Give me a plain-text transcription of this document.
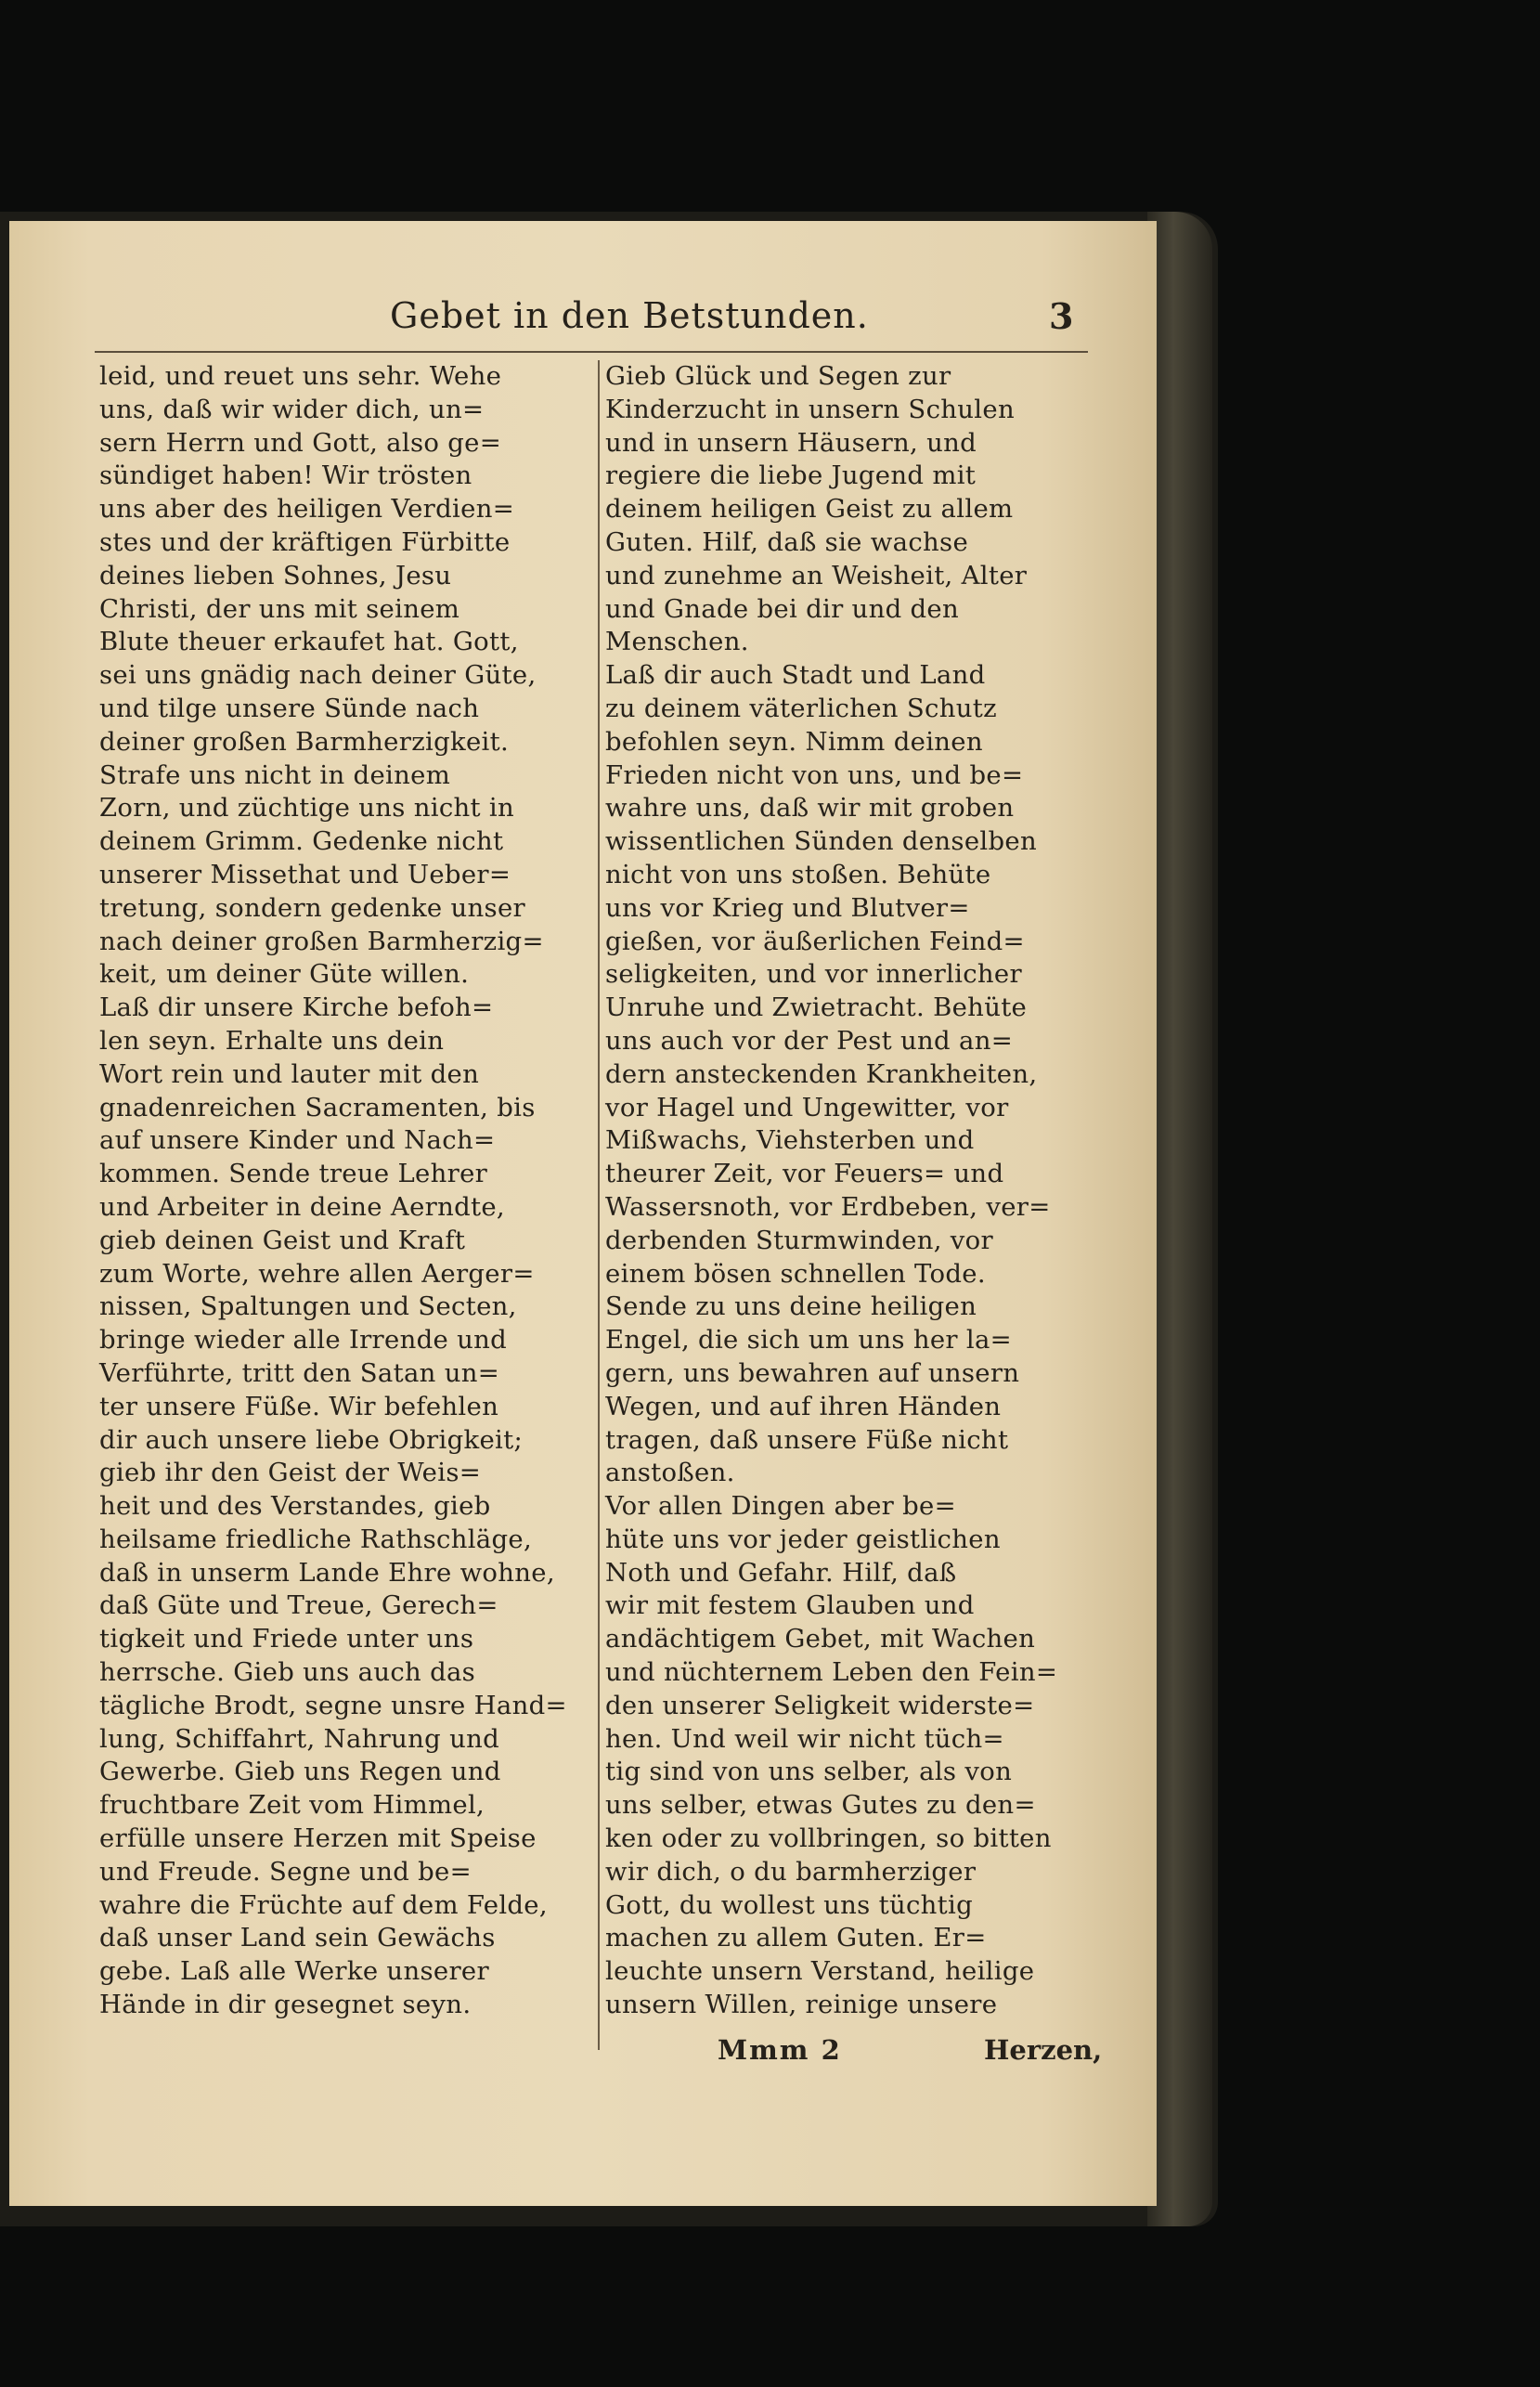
Gebet in den Betstunden.	3
leid, und reuet uns sehr. Wehe
uns, daß wir wider dich, un=
sern Herrn und Gott, also ge=
sündiget haben! Wir trösten
uns aber des heiligen Verdien=
stes und der kräftigen Fürbitte
deines lieben Sohnes, Jesu
Christi, der uns mit seinem
Blute theuer erkaufet hat. Gott,
sei uns gnädig nach deiner Güte,
und tilge unsere Sünde nach
deiner großen Barmherzigkeit.
Strafe uns nicht in deinem
Zorn, und züchtige uns nicht in
deinem Grimm. Gedenke nicht
unserer Missethat und Ueber=
tretung, sondern gedenke unser
nach deiner großen Barmherzig=
keit, um deiner Güte willen.
Laß dir unsere Kirche befoh=
len seyn. Erhalte uns dein
Wort rein und lauter mit den
gnadenreichen Sacramenten, bis
auf unsere Kinder und Nach=
kommen. Sende treue Lehrer
und Arbeiter in deine Aerndte,
gieb deinen Geist und Kraft
zum Worte, wehre allen Aerger=
nissen, Spaltungen und Secten,
bringe wieder alle Irrende und
Verführte, tritt den Satan un=
ter unsere Füße. Wir befehlen
dir auch unsere liebe Obrigkeit;
gieb ihr den Geist der Weis=
heit und des Verstandes, gieb
heilsame friedliche Rathschläge,
daß in unserm Lande Ehre wohne,
daß Güte und Treue, Gerech=
tigkeit und Friede unter uns
herrsche. Gieb uns auch das
tägliche Brodt, segne unsre Hand=
lung, Schiffahrt, Nahrung und
Gewerbe. Gieb uns Regen und
fruchtbare Zeit vom Himmel,
erfülle unsere Herzen mit Speise
und Freude. Segne und be=
wahre die Früchte auf dem Felde,
daß unser Land sein Gewächs
gebe. Laß alle Werke unserer
Hände in dir gesegnet seyn.
Gieb Glück und Segen zur
Kinderzucht in unsern Schulen
und in unsern Häusern, und
regiere die liebe Jugend mit
deinem heiligen Geist zu allem
Guten. Hilf, daß sie wachse
und zunehme an Weisheit, Alter
und Gnade bei dir und den
Menschen.
Laß dir auch Stadt und Land
zu deinem väterlichen Schutz
befohlen seyn. Nimm deinen
Frieden nicht von uns, und be=
wahre uns, daß wir mit groben
wissentlichen Sünden denselben
nicht von uns stoßen. Behüte
uns vor Krieg und Blutver=
gießen, vor äußerlichen Feind=
seligkeiten, und vor innerlicher
Unruhe und Zwietracht. Behüte
uns auch vor der Pest und an=
dern ansteckenden Krankheiten,
vor Hagel und Ungewitter, vor
Mißwachs, Viehsterben und
theurer Zeit, vor Feuers= und
Wassersnoth, vor Erdbeben, ver=
derbenden Sturmwinden, vor
einem bösen schnellen Tode.
Sende zu uns deine heiligen
Engel, die sich um uns her la=
gern, uns bewahren auf unsern
Wegen, und auf ihren Händen
tragen, daß unsere Füße nicht
anstoßen.
Vor allen Dingen aber be=
hüte uns vor jeder geistlichen
Noth und Gefahr. Hilf, daß
wir mit festem Glauben und
andächtigem Gebet, mit Wachen
und nüchternem Leben den Fein=
den unserer Seligkeit widerste=
hen. Und weil wir nicht tüch=
tig sind von uns selber, als von
uns selber, etwas Gutes zu den=
ken oder zu vollbringen, so bitten
wir dich, o du barmherziger
Gott, du wollest uns tüchtig
machen zu allem Guten. Er=
leuchte unsern Verstand, heilige
unsern Willen, reinige unsere
Mmm 2	Herzen,
